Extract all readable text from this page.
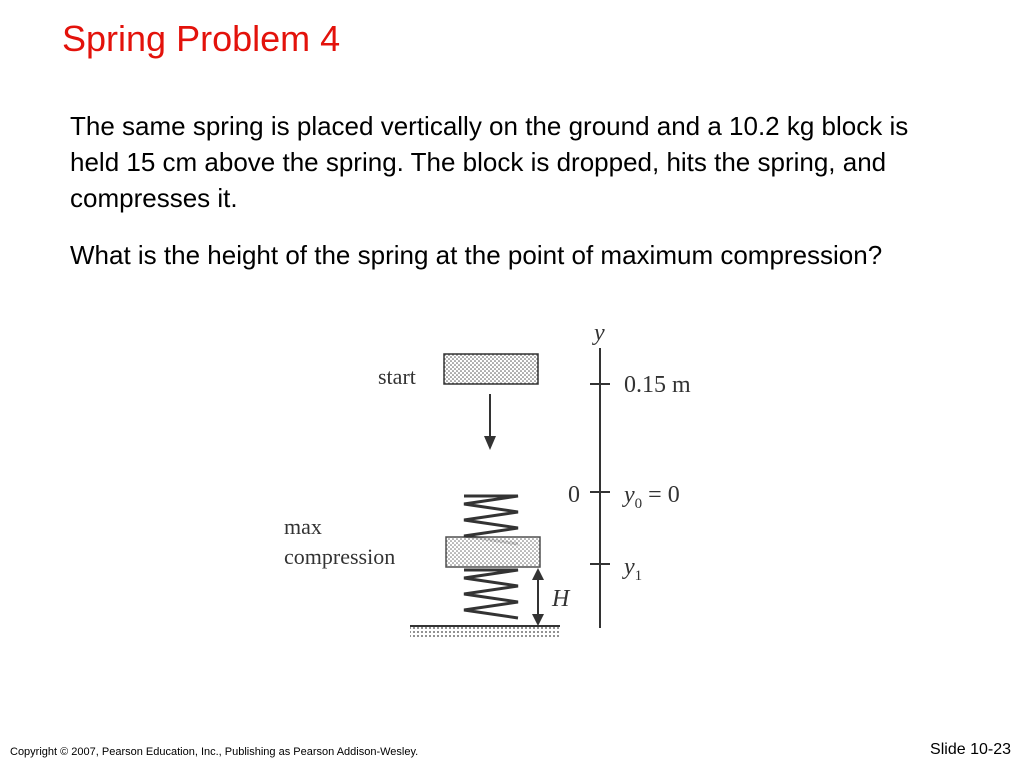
Spring Problem 4
The same spring is placed vertically on the ground and a 10.2 kg block is held 15 cm above the spring. The block is dropped, hits the spring, and compresses it.
What is the height of the spring at the point of maximum compression?
start
max
compression
H
y
0.15 m
0 $y_0 = 0$
$y_1$
Copyright © 2007, Pearson Education, Inc., Publishing as Pearson Addison-Wesley.	Slide 10-23
